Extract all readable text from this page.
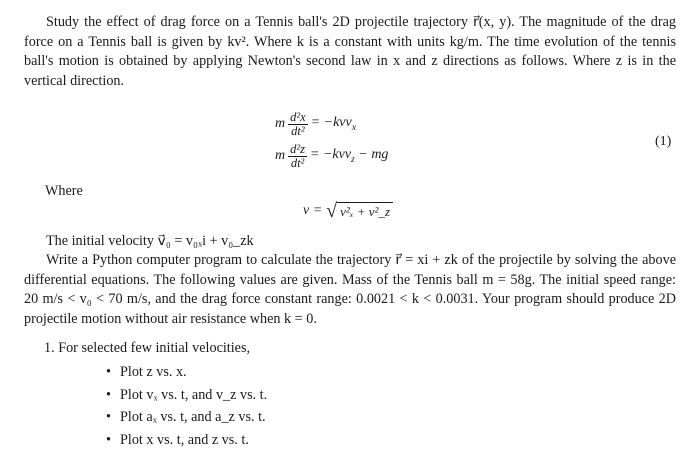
Study the effect of drag force on a Tennis ball's 2D projectile trajectory r⃗(x, y). The magnitude of the drag force on a Tennis ball is given by kv². Where k is a constant with units kg/m. The time evolution of the tennis ball's motion is obtained by applying Newton's second law in x and z directions as follows. Where z is in the vertical direction.

m $\frac{\text{d²x}}{\text{dt²}} = -kvv_x$
m $\frac{\text{d²z}}{\text{dt²}} = -kvv_z$ − mg
(1)
Where
v = √ v²ₓ + v²_z

The initial velocity v⃗₀ = v₀ₓi + v₀_zk

Write a Python computer program to calculate the trajectory r⃗ = xi + zk of the projectile by solving the above differential equations. The following values are given. Mass of the Tennis ball m = 58g. The initial speed range: 20 m/s < v₀ < 70 m/s, and the drag force constant range: 0.0021 < k < 0.0031. Your program should produce 2D projectile motion without air resistance when k = 0.

1. For selected few initial velocities,
• Plot z vs. x.
• Plot vₓ vs. t, and v_z vs. t.
• Plot aₓ vs. t, and a_z vs. t.
• Plot x vs. t, and z vs. t.
